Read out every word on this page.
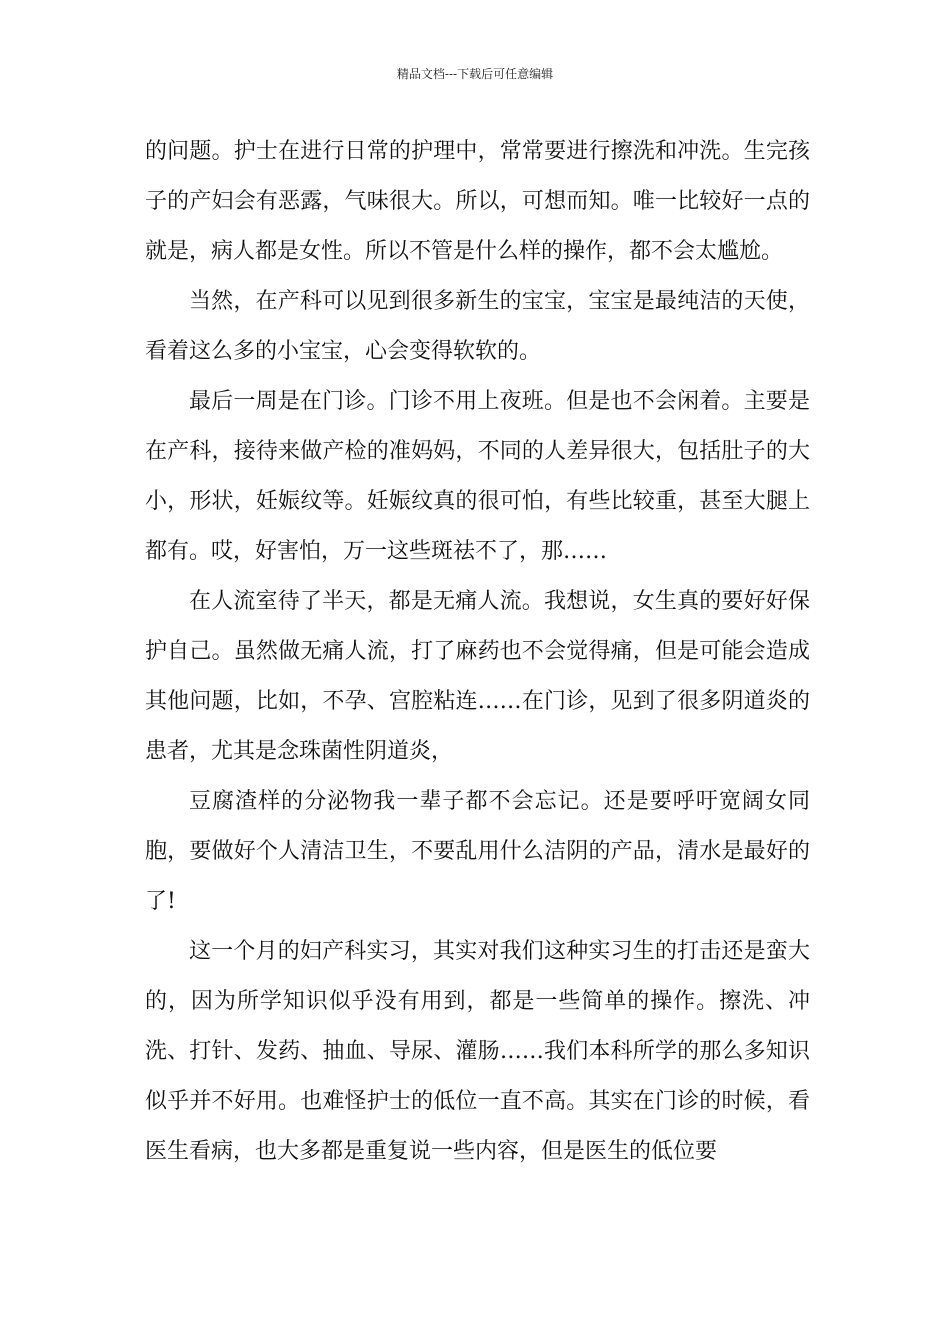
精品文档---下载后可任意编辑

的问题。护士在进行日常的护理中，常常要进行擦洗和冲洗。生完孩子的产妇会有恶露，气味很大。所以，可想而知。唯一比较好一点的就是，病人都是女性。所以不管是什么样的操作，都不会太尴尬。

当然，在产科可以见到很多新生的宝宝，宝宝是最纯洁的天使，看着这么多的小宝宝，心会变得软软的。

最后一周是在门诊。门诊不用上夜班。但是也不会闲着。主要是在产科，接待来做产检的准妈妈，不同的人差异很大，包括肚子的大小，形状，妊娠纹等。妊娠纹真的很可怕，有些比较重，甚至大腿上都有。哎，好害怕，万一这些斑祛不了，那……

在人流室待了半天，都是无痛人流。我想说，女生真的要好好保护自己。虽然做无痛人流，打了麻药也不会觉得痛，但是可能会造成其他问题，比如，不孕、宫腔粘连……在门诊，见到了很多阴道炎的患者，尤其是念珠菌性阴道炎，

豆腐渣样的分泌物我一辈子都不会忘记。还是要呼吁宽阔女同胞，要做好个人清洁卫生，不要乱用什么洁阴的产品，清水是最好的了!

这一个月的妇产科实习，其实对我们这种实习生的打击还是蛮大的，因为所学知识似乎没有用到，都是一些简单的操作。擦洗、冲洗、打针、发药、抽血、导尿、灌肠……我们本科所学的那么多知识似乎并不好用。也难怪护士的低位一直不高。其实在门诊的时候，看医生看病，也大多都是重复说一些内容，但是医生的低位要
